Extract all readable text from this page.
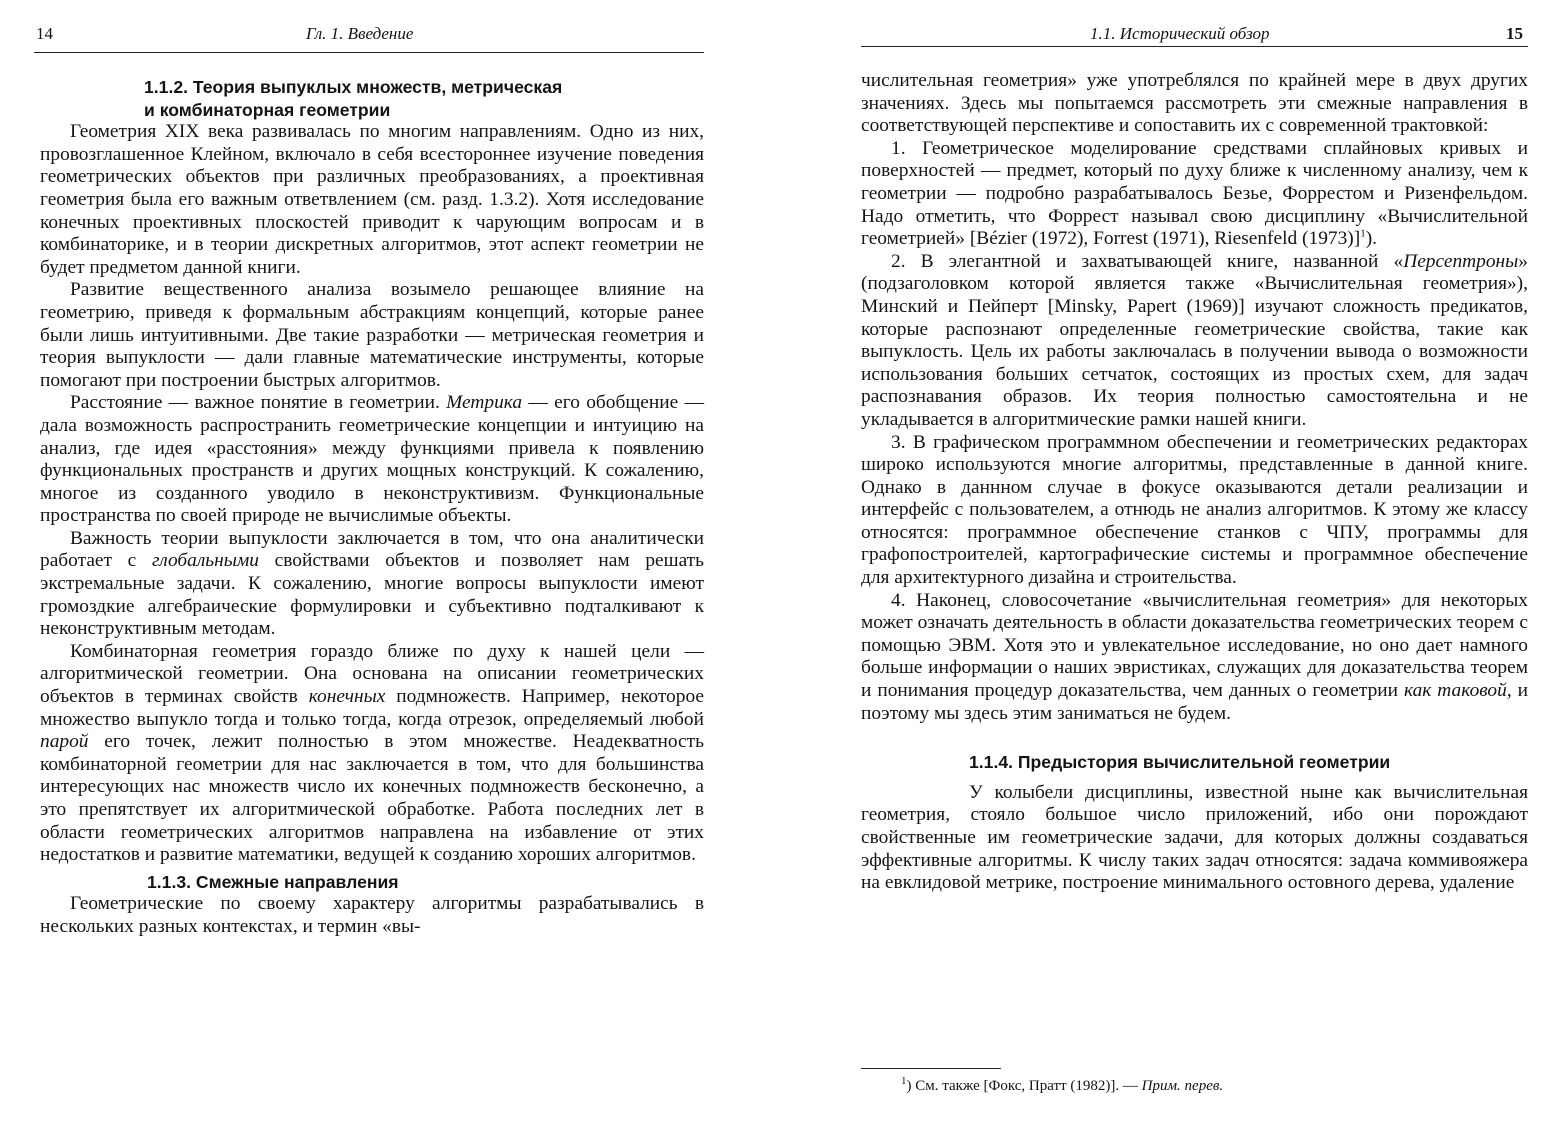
14	Гл. 1. Введение
1.1.2. Теория выпуклых множеств, метрическая
и комбинаторная геометрии

Геометрия XIX века развивалась по многим направлениям. Одно из них, провозглашенное Клейном, включало в себя всестороннее изучение поведения геометрических объектов при различных преобразованиях, а проективная геометрия была его важным ответвлением (см. разд. 1.3.2). Хотя исследование конечных проективных плоскостей приводит к чарующим вопросам и в комбинаторике, и в теории дискретных алгоритмов, этот аспект геометрии не будет предметом данной книги.

Развитие вещественного анализа возымело решающее влияние на геометрию, приведя к формальным абстракциям концепций, которые ранее были лишь интуитивными. Две такие разработки — метрическая геометрия и теория выпуклости — дали главные математические инструменты, которые помогают при построении быстрых алгоритмов.

Расстояние — важное понятие в геометрии. Метрика — его обобщение — дала возможность распространить геометрические концепции и интуицию на анализ, где идея «расстояния» между функциями привела к появлению функциональных пространств и других мощных конструкций. К сожалению, многое из созданного уводило в неконструктивизм. Функциональные пространства по своей природе не вычислимые объекты.

Важность теории выпуклости заключается в том, что она аналитически работает с глобальными свойствами объектов и позволяет нам решать экстремальные задачи. К сожалению, многие вопросы выпуклости имеют громоздкие алгебраические формулировки и субъективно подталкивают к неконструктивным методам.

Комбинаторная геометрия гораздо ближе по духу к нашей цели — алгоритмической геометрии. Она основана на описании геометрических объектов в терминах свойств конечных подмножеств. Например, некоторое множество выпукло тогда и только тогда, когда отрезок, определяемый любой парой его точек, лежит полностью в этом множестве. Неадекватность комбинаторной геометрии для нас заключается в том, что для большинства интересующих нас множеств число их конечных подмножеств бесконечно, а это препятствует их алгоритмической обработке. Работа последних лет в области геометрических алгоритмов направлена на избавление от этих недостатков и развитие математики, ведущей к созданию хороших алгоритмов.

1.1.3. Смежные направления

Геометрические по своему характеру алгоритмы разрабатывались в нескольких разных контекстах, и термин «вы-

1.1. Исторический обзор	15

числительная геометрия» уже употреблялся по крайней мере в двух других значениях. Здесь мы попытаемся рассмотреть эти смежные направления в соответствующей перспективе и сопоставить их с современной трактовкой:

1. Геометрическое моделирование средствами сплайновых кривых и поверхностей — предмет, который по духу ближе к численному анализу, чем к геометрии — подробно разрабатывалось Безье, Форрестом и Ризенфельдом. Надо отметить, что Форрест называл свою дисциплину «Вычислительной геометрией» [Bézier (1972), Forrest (1971), Riesenfeld (1973)]$^1$).

2. В элегантной и захватывающей книге, названной «Персептроны» (подзаголовком которой является также «Вычислительная геометрия»), Минский и Пейперт [Minsky, Papert (1969)] изучают сложность предикатов, которые распознают определенные геометрические свойства, такие как выпуклость. Цель их работы заключалась в получении вывода о возможности использования больших сетчаток, состоящих из простых схем, для задач распознавания образов. Их теория полностью самостоятельна и не укладывается в алгоритмические рамки нашей книги.

3. В графическом программном обеспечении и геометрических редакторах широко используются многие алгоритмы, представленные в данной книге. Однако в даннном случае в фокусе оказываются детали реализации и интерфейс с пользователем, а отнюдь не анализ алгоритмов. К этому же классу относятся: программное обеспечение станков с ЧПУ, программы для графопостроителей, картографические системы и программное обеспечение для архитектурного дизайна и строительства.

4. Наконец, словосочетание «вычислительная геометрия» для некоторых может означать деятельность в области доказательства геометрических теорем с помощью ЭВМ. Хотя это и увлекательное исследование, но оно дает намного больше информации о наших эвристиках, служащих для доказательства теорем и понимания процедур доказательства, чем данных о геометрии как таковой, и поэтому мы здесь этим заниматься не будем.

1.1.4. Предыстория вычислительной геометрии

У колыбели дисциплины, известной ныне как вычислительная геометрия, стояло большое число приложений, ибо они порождают свойственные им геометрические задачи, для которых должны создаваться эффективные алгоритмы. К числу таких задач относятся: задача коммивояжера на евклидовой метрике, построение минимального остовного дерева, удаление

$^1$) См. также [Фокс, Пратт (1982)]. — Прим. перев.
